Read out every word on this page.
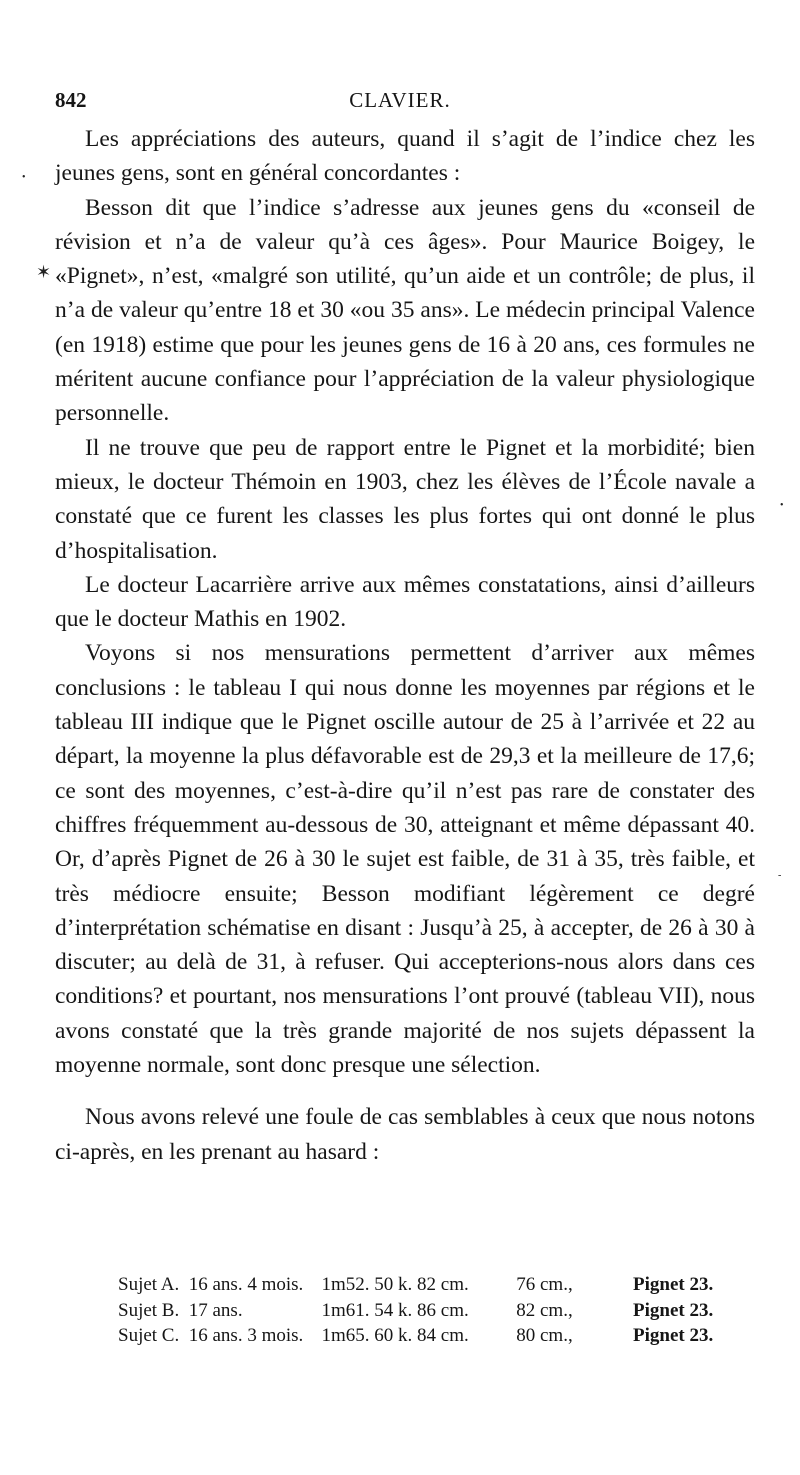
842	CLAVIER.
✶
•
•
-

Les appréciations des auteurs, quand il s’agit de l’indice chez les jeunes gens, sont en général concordantes :

Besson dit que l’indice s’adresse aux jeunes gens du «conseil de révision et n’a de valeur qu’à ces âges». Pour Maurice Boigey, le «Pignet», n’est, «malgré son utilité, qu’un aide et un contrôle; de plus, il n’a de valeur qu’entre 18 et 30 «ou 35 ans». Le médecin principal Valence (en 1918) estime que pour les jeunes gens de 16 à 20 ans, ces formules ne méritent aucune confiance pour l’appréciation de la valeur physiologique personnelle.

Il ne trouve que peu de rapport entre le Pignet et la morbidité; bien mieux, le docteur Thémoin en 1903, chez les élèves de l’École navale a constaté que ce furent les classes les plus fortes qui ont donné le plus d’hospitalisation.

Le docteur Lacarrière arrive aux mêmes constatations, ainsi d’ailleurs que le docteur Mathis en 1902.

Voyons si nos mensurations permettent d’arriver aux mêmes conclusions : le tableau I qui nous donne les moyennes par régions et le tableau III indique que le Pignet oscille autour de 25 à l’arrivée et 22 au départ, la moyenne la plus défavorable est de 29,3 et la meilleure de 17,6; ce sont des moyennes, c’est-à-dire qu’il n’est pas rare de constater des chiffres fréquemment au-dessous de 30, atteignant et même dépassant 40. Or, d’après Pignet de 26 à 30 le sujet est faible, de 31 à 35, très faible, et très médiocre ensuite; Besson modifiant légèrement ce degré d’interprétation schématise en disant : Jusqu’à 25, à accepter, de 26 à 30 à discuter; au delà de 31, à refuser. Qui accepterions-nous alors dans ces conditions? et pourtant, nos mensurations l’ont prouvé (tableau VII), nous avons constaté que la très grande majorité de nos sujets dépassent la moyenne normale, sont donc presque une sélection.

Nous avons relevé une foule de cas semblables à ceux que nous notons ci-après, en les prenant au hasard :

Sujet A. 16 ans. 4 mois. 1m52. 50 k. 82 cm.	76 cm.,	Pignet 23.
Sujet B. 17 ans.	1m61. 54 k. 86 cm.	82 cm.,	Pignet 23.
Sujet C. 16 ans. 3 mois. 1m65. 60 k. 84 cm.	80 cm.,	Pignet 23.
